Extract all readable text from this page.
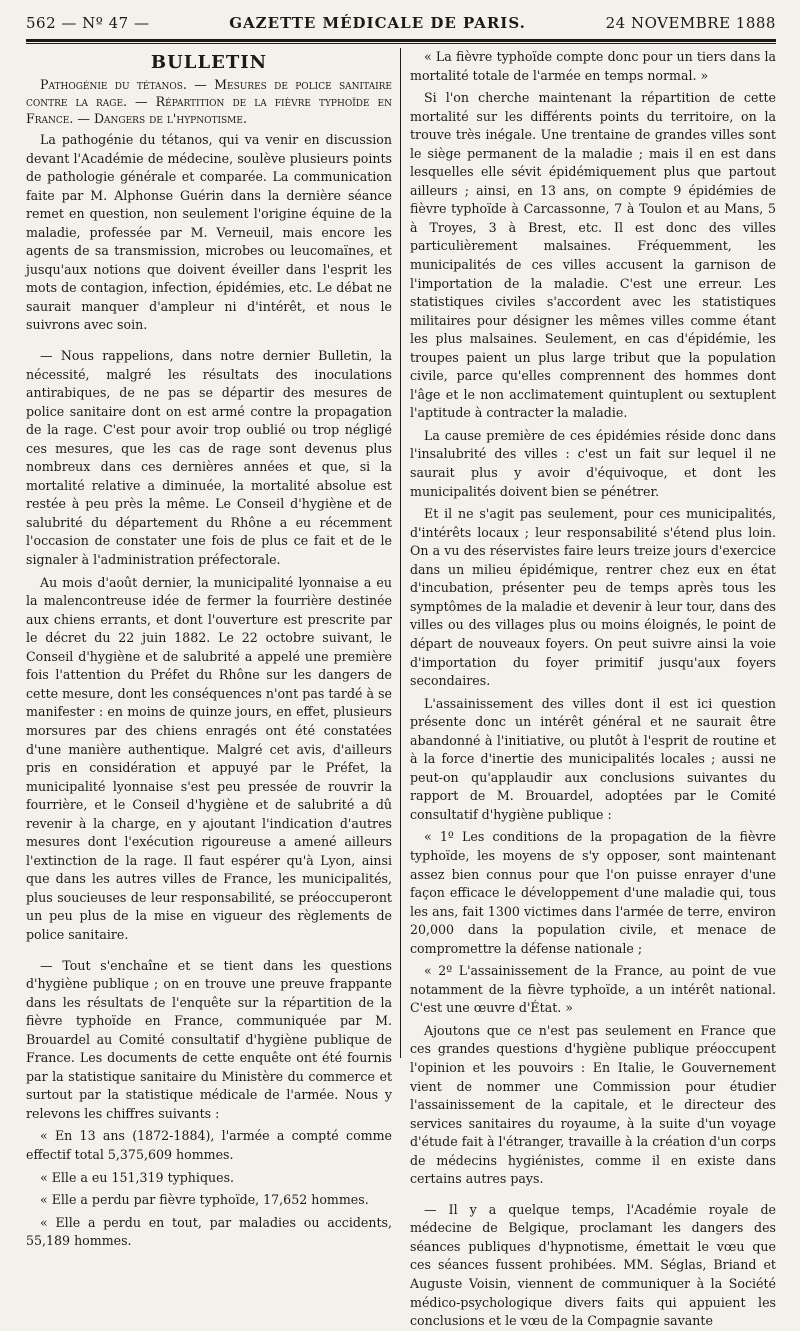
562 — Nº 47 —	GAZETTE MÉDICALE DE PARIS.	24 NOVEMBRE 1888
BULLETIN

Pathogénie du tétanos. — Mesures de police sanitaire contre la rage. — Répartition de la fièvre typhoïde en France. — Dangers de l'hypnotisme.

La pathogénie du tétanos, qui va venir en discussion devant l'Académie de médecine, soulève plusieurs points de pathologie générale et comparée. La communication faite par M. Alphonse Guérin dans la dernière séance remet en question, non seulement l'origine équine de la maladie, professée par M. Verneuil, mais encore les agents de sa transmission, microbes ou leucomaïnes, et jusqu'aux notions que doivent éveiller dans l'esprit les mots de contagion, infection, épidémies, etc. Le débat ne saurait manquer d'ampleur ni d'intérêt, et nous le suivrons avec soin.

— Nous rappelions, dans notre dernier Bulletin, la nécessité, malgré les résultats des inoculations antirabiques, de ne pas se départir des mesures de police sanitaire dont on est armé contre la propagation de la rage. C'est pour avoir trop oublié ou trop négligé ces mesures, que les cas de rage sont devenus plus nombreux dans ces dernières années et que, si la mortalité relative a diminuée, la mortalité absolue est restée à peu près la même. Le Conseil d'hygiène et de salubrité du département du Rhône a eu récemment l'occasion de constater une fois de plus ce fait et de le signaler à l'administration préfectorale.

Au mois d'août dernier, la municipalité lyonnaise a eu la malencontreuse idée de fermer la fourrière destinée aux chiens errants, et dont l'ouverture est prescrite par le décret du 22 juin 1882. Le 22 octobre suivant, le Conseil d'hygiène et de salubrité a appelé une première fois l'attention du Préfet du Rhône sur les dangers de cette mesure, dont les conséquences n'ont pas tardé à se manifester : en moins de quinze jours, en effet, plusieurs morsures par des chiens enragés ont été constatées d'une manière authentique. Malgré cet avis, d'ailleurs pris en considération et appuyé par le Préfet, la municipalité lyonnaise s'est peu pressée de rouvrir la fourrière, et le Conseil d'hygiène et de salubrité a dû revenir à la charge, en y ajoutant l'indication d'autres mesures dont l'exécution rigoureuse a amené ailleurs l'extinction de la rage. Il faut espérer qu'à Lyon, ainsi que dans les autres villes de France, les municipalités, plus soucieuses de leur responsabilité, se préoccuperont un peu plus de la mise en vigueur des règlements de police sanitaire.

— Tout s'enchaîne et se tient dans les questions d'hygiène publique ; on en trouve une preuve frappante dans les résultats de l'enquête sur la répartition de la fièvre typhoïde en France, communiquée par M. Brouardel au Comité consultatif d'hygiène publique de France. Les documents de cette enquête ont été fournis par la statistique sanitaire du Ministère du commerce et surtout par la statistique médicale de l'armée. Nous y relevons les chiffres suivants :

« En 13 ans (1872-1884), l'armée a compté comme effectif total 5,375,609 hommes.

« Elle a eu 151,319 typhiques.

« Elle a perdu par fièvre typhoïde, 17,652 hommes.

« Elle a perdu en tout, par maladies ou accidents, 55,189 hommes.

« La fièvre typhoïde compte donc pour un tiers dans la mortalité totale de l'armée en temps normal. »

Si l'on cherche maintenant la répartition de cette mortalité sur les différents points du territoire, on la trouve très inégale. Une trentaine de grandes villes sont le siège permanent de la maladie ; mais il en est dans lesquelles elle sévit épidémiquement plus que partout ailleurs ; ainsi, en 13 ans, on compte 9 épidémies de fièvre typhoïde à Carcassonne, 7 à Toulon et au Mans, 5 à Troyes, 3 à Brest, etc. Il est donc des villes particulièrement malsaines. Fréquemment, les municipalités de ces villes accusent la garnison de l'importation de la maladie. C'est une erreur. Les statistiques civiles s'accordent avec les statistiques militaires pour désigner les mêmes villes comme étant les plus malsaines. Seulement, en cas d'épidémie, les troupes paient un plus large tribut que la population civile, parce qu'elles comprennent des hommes dont l'âge et le non acclimatement quintuplent ou sextuplent l'aptitude à contracter la maladie.

La cause première de ces épidémies réside donc dans l'insalubrité des villes : c'est un fait sur lequel il ne saurait plus y avoir d'équivoque, et dont les municipalités doivent bien se pénétrer.

Et il ne s'agit pas seulement, pour ces municipalités, d'intérêts locaux ; leur responsabilité s'étend plus loin. On a vu des réservistes faire leurs treize jours d'exercice dans un milieu épidémique, rentrer chez eux en état d'incubation, présenter peu de temps après tous les symptômes de la maladie et devenir à leur tour, dans des villes ou des villages plus ou moins éloignés, le point de départ de nouveaux foyers. On peut suivre ainsi la voie d'importation du foyer primitif jusqu'aux foyers secondaires.

L'assainissement des villes dont il est ici question présente donc un intérêt général et ne saurait être abandonné à l'initiative, ou plutôt à l'esprit de routine et à la force d'inertie des municipalités locales ; aussi ne peut-on qu'applaudir aux conclusions suivantes du rapport de M. Brouardel, adoptées par le Comité consultatif d'hygiène publique :

« 1º Les conditions de la propagation de la fièvre typhoïde, les moyens de s'y opposer, sont maintenant assez bien connus pour que l'on puisse enrayer d'une façon efficace le développement d'une maladie qui, tous les ans, fait 1300 victimes dans l'armée de terre, environ 20,000 dans la population civile, et menace de compromettre la défense nationale ;

« 2º L'assainissement de la France, au point de vue notamment de la fièvre typhoïde, a un intérêt national. C'est une œuvre d'État. »

Ajoutons que ce n'est pas seulement en France que ces grandes questions d'hygiène publique préoccupent l'opinion et les pouvoirs : En Italie, le Gouvernement vient de nommer une Commission pour étudier l'assainissement de la capitale, et le directeur des services sanitaires du royaume, à la suite d'un voyage d'étude fait à l'étranger, travaille à la création d'un corps de médecins hygiénistes, comme il en existe dans certains autres pays.

— Il y a quelque temps, l'Académie royale de médecine de Belgique, proclamant les dangers des séances publiques d'hypnotisme, émettait le vœu que ces séances fussent prohibées. MM. Séglas, Briand et Auguste Voisin, viennent de communiquer à la Société médico-psychologique divers faits qui appuient les conclusions et le vœu de la Compagnie savante
